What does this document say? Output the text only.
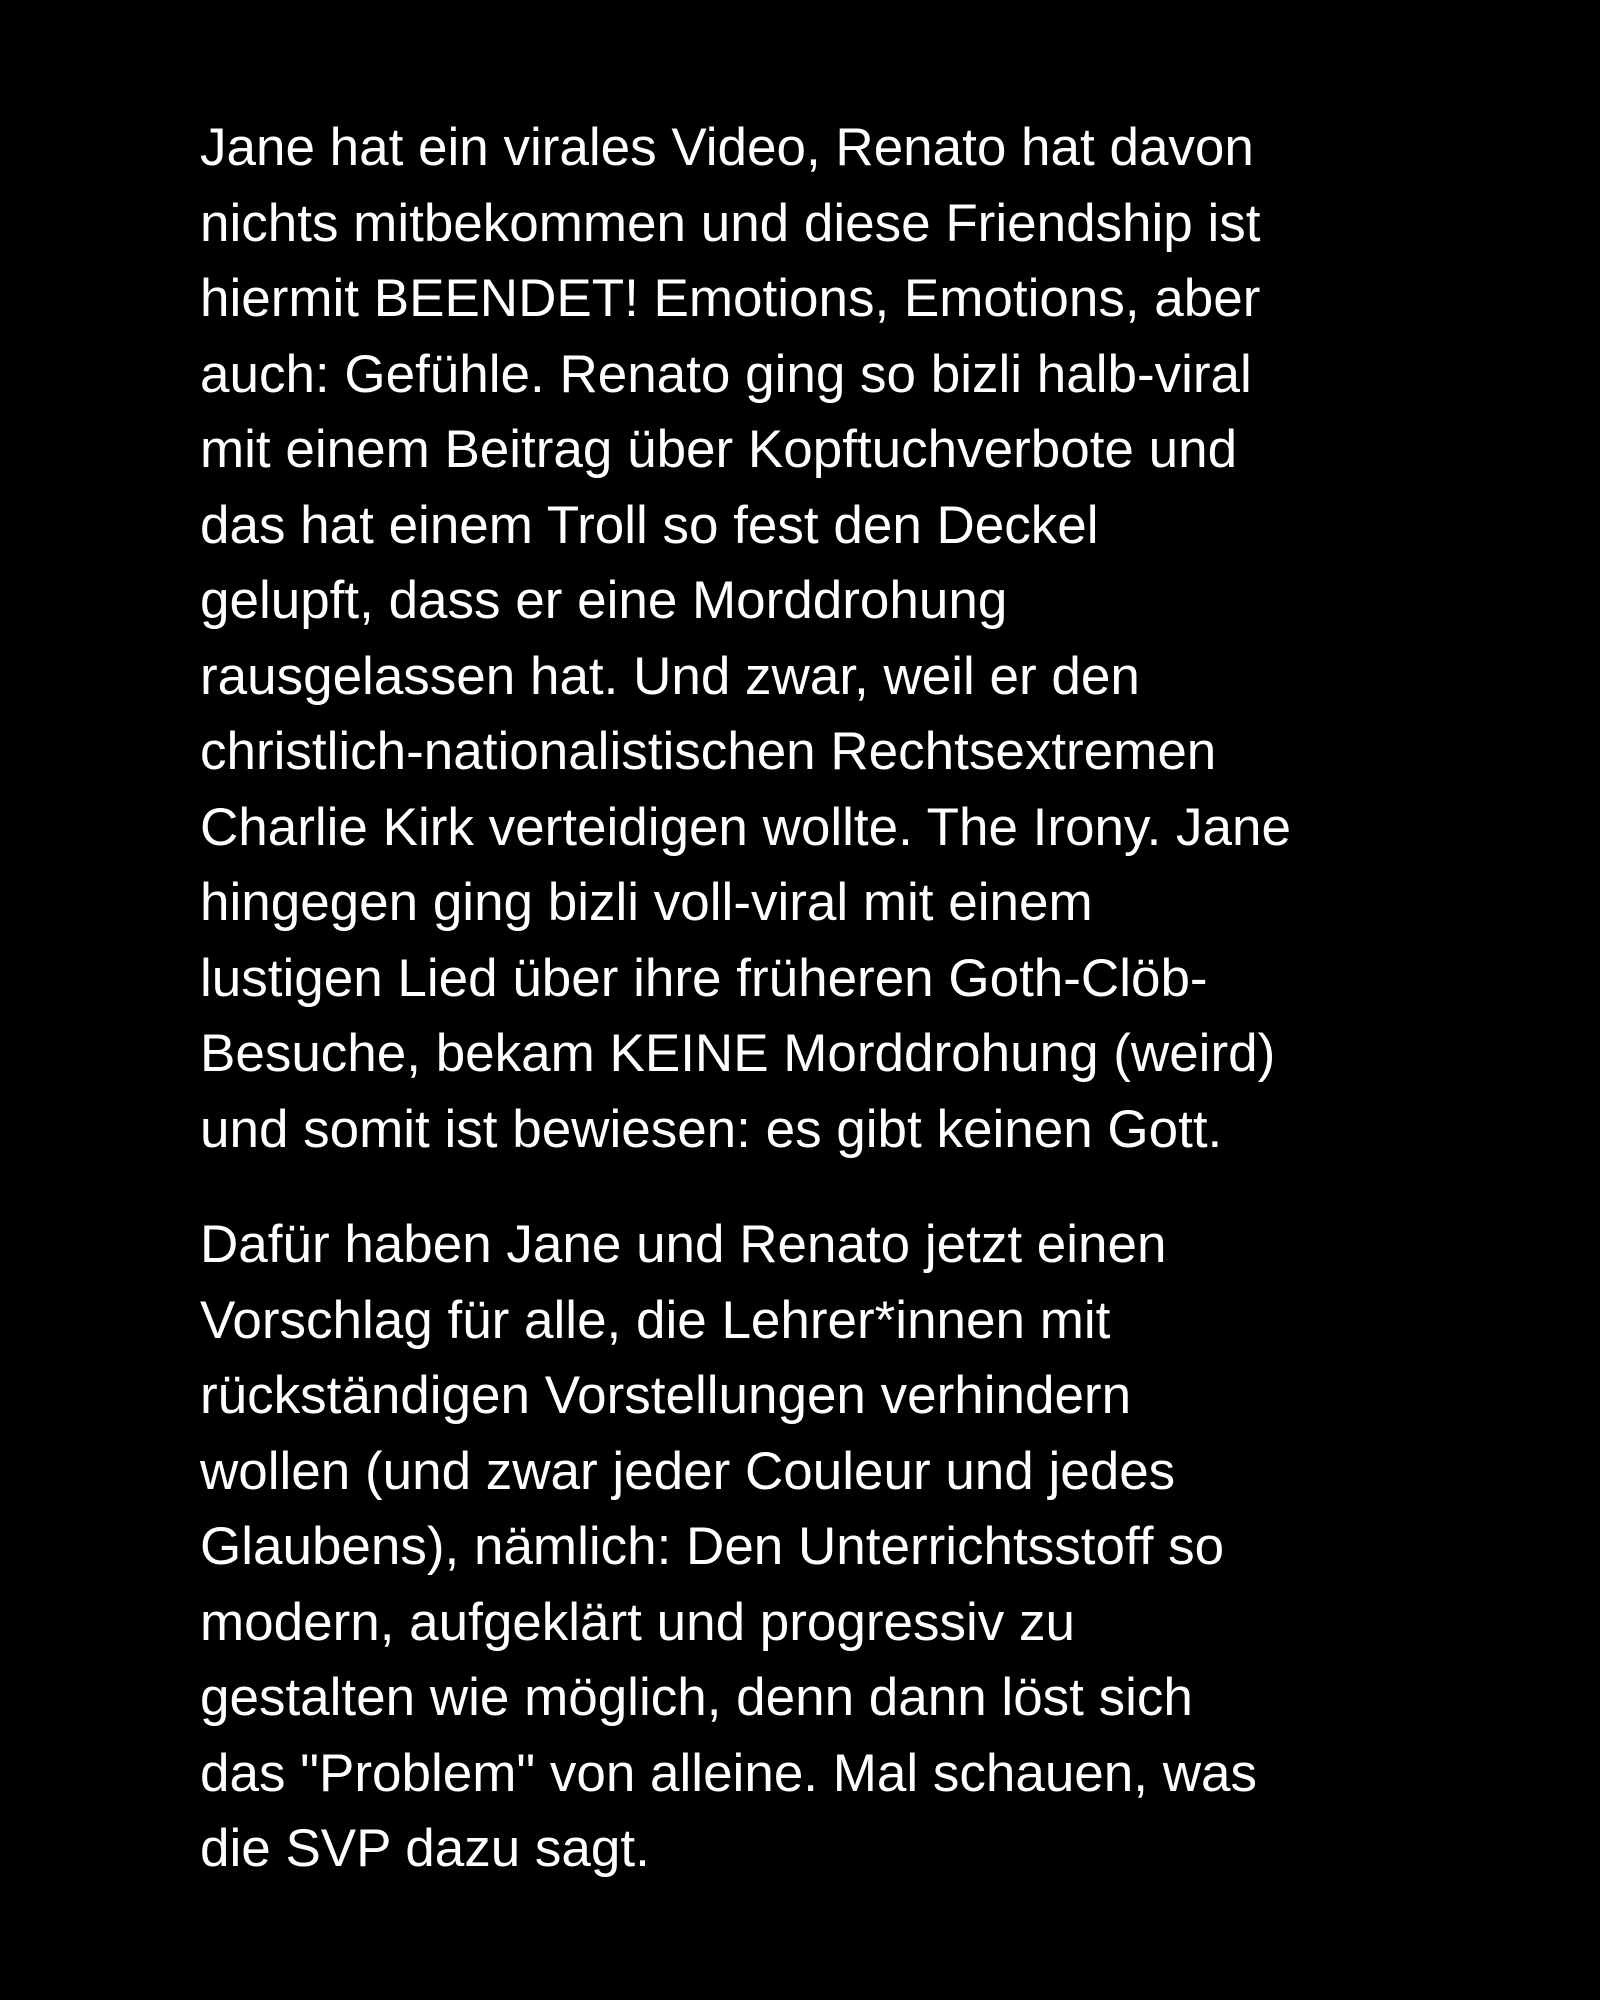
Jane hat ein virales Video, Renato hat davon
nichts mitbekommen und diese Friendship ist
hiermit BEENDET! Emotions, Emotions, aber
auch: Gefühle. Renato ging so bizli halb-viral
mit einem Beitrag über Kopftuchverbote und
das hat einem Troll so fest den Deckel
gelupft, dass er eine Morddrohung
rausgelassen hat. Und zwar, weil er den
christlich-nationalistischen Rechtsextremen
Charlie Kirk verteidigen wollte. The Irony. Jane
hingegen ging bizli voll-viral mit einem
lustigen Lied über ihre früheren Goth-Clöb-
Besuche, bekam KEINE Morddrohung (weird)
und somit ist bewiesen: es gibt keinen Gott.

Dafür haben Jane und Renato jetzt einen
Vorschlag für alle, die Lehrer*innen mit
rückständigen Vorstellungen verhindern
wollen (und zwar jeder Couleur und jedes
Glaubens), nämlich: Den Unterrichtsstoff so
modern, aufgeklärt und progressiv zu
gestalten wie möglich, denn dann löst sich
das "Problem" von alleine. Mal schauen, was
die SVP dazu sagt.
